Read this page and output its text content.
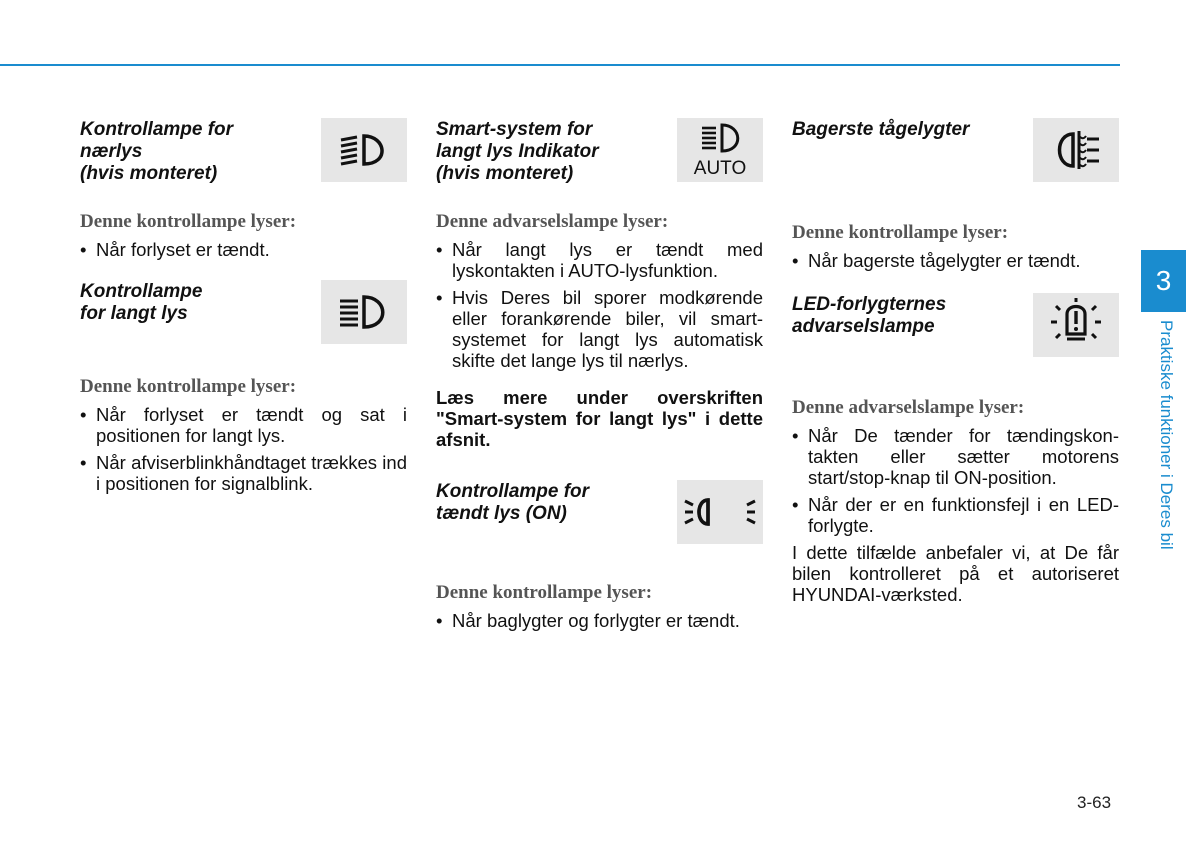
Kontrollampe for
nærlys
(hvis monteret)

Denne kontrollampe lyser:

• Når forlyset er tændt.
Kontrollampe
for langt lys

Denne kontrollampe lyser:

• Når forlyset er tændt og sat i positionen for langt lys.
• Når afviserblinkhåndtaget trækkes ind i positionen for signalblink.
Smart-system for
langt lys Indikator
(hvis monteret)	AUTO

Denne advarselslampe lyser:

• Når langt lys er tændt med lyskontakten i AUTO-lysfunktion.
• Hvis Deres bil sporer modkørende eller forankørende biler, vil smart-systemet for langt lys automatisk skifte det lange lys til nærlys.

Læs mere under overskriften "Smart-system for langt lys" i dette afsnit.

Kontrollampe for
tændt lys (ON)

Denne kontrollampe lyser:

• Når baglygter og forlygter er tændt.
Bagerste tågelygter

Denne kontrollampe lyser:

• Når bagerste tågelygter er tændt.
LED-forlygternes
advarselslampe

Denne advarselslampe lyser:

• Når De tænder for tændingskon-takten eller sætter motorens start/stop-knap til ON-position.
• Når der er en funktionsfejl i en LED-forlygte.

I dette tilfælde anbefaler vi, at De får bilen kontrolleret på et autoriseret HYUNDAI-værksted.

3
Praktiske funktioner i Deres bil
3-63
